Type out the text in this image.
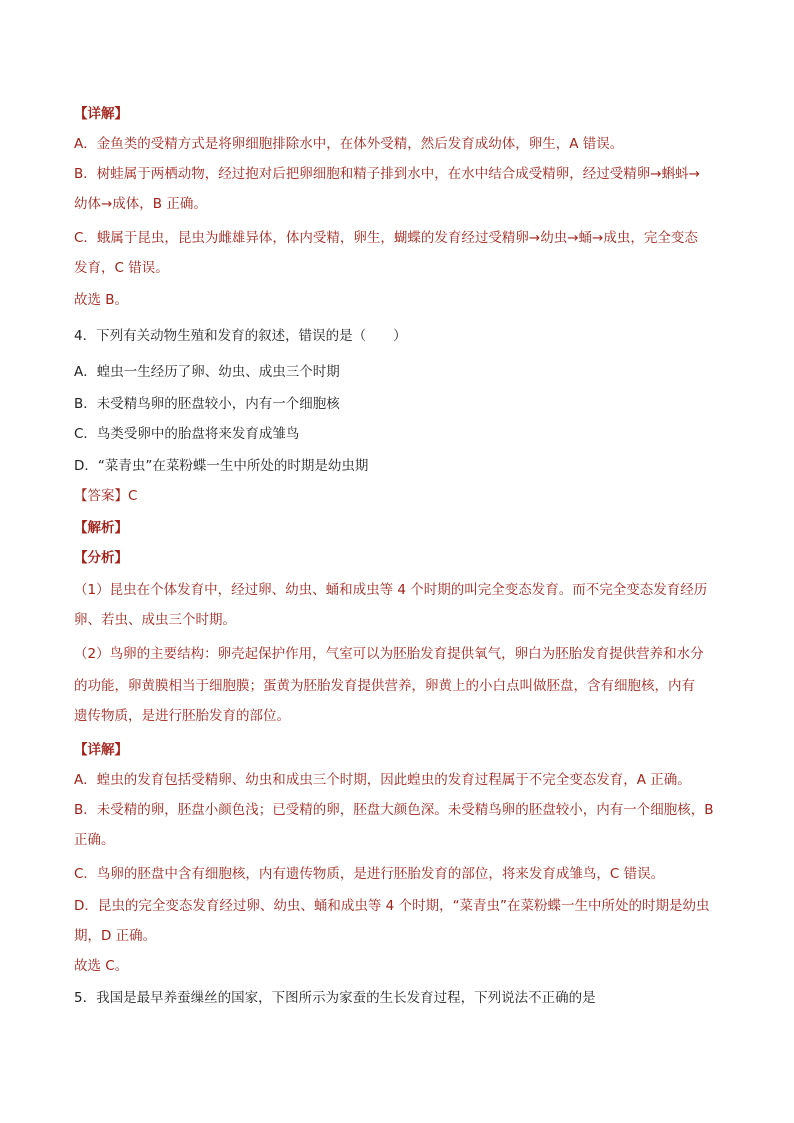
【详解】
A．金鱼类的受精方式是将卵细胞排除水中，在体外受精，然后发育成幼体，卵生，A 错误。
B．树蛙属于两栖动物，经过抱对后把卵细胞和精子排到水中，在水中结合成受精卵，经过受精卵→蝌蚪→
幼体→成体，B 正确。
C．蛾属于昆虫，昆虫为雌雄异体，体内受精，卵生，蝴蝶的发育经过受精卵→幼虫→蛹→成虫，完全变态
发育，C 错误。
故选 B。
4．下列有关动物生殖和发育的叙述，错误的是（　　）
A．蝗虫一生经历了卵、幼虫、成虫三个时期
B．未受精鸟卵的胚盘较小，内有一个细胞核
C．鸟类受卵中的胎盘将来发育成雏鸟
D．“菜青虫”在菜粉蝶一生中所处的时期是幼虫期
【答案】C
【解析】
【分析】
（1）昆虫在个体发育中，经过卵、幼虫、蛹和成虫等 4 个时期的叫完全变态发育。而不完全变态发育经历
卵、若虫、成虫三个时期。
（2）鸟卵的主要结构：卵壳起保护作用，气室可以为胚胎发育提供氧气，卵白为胚胎发育提供营养和水分
的功能，卵黄膜相当于细胞膜；蛋黄为胚胎发育提供营养，卵黄上的小白点叫做胚盘，含有细胞核，内有
遗传物质，是进行胚胎发育的部位。
【详解】
A．蝗虫的发育包括受精卵、幼虫和成虫三个时期，因此蝗虫的发育过程属于不完全变态发育，A 正确。
B．未受精的卵，胚盘小颜色浅；已受精的卵，胚盘大颜色深。未受精鸟卵的胚盘较小，内有一个细胞核，B
正确。
C．鸟卵的胚盘中含有细胞核，内有遗传物质，是进行胚胎发育的部位，将来发育成雏鸟，C 错误。
D．昆虫的完全变态发育经过卵、幼虫、蛹和成虫等 4 个时期，“菜青虫”在菜粉蝶一生中所处的时期是幼虫
期，D 正确。
故选 C。
5．我国是最早养蚕缫丝的国家，下图所示为家蚕的生长发育过程，下列说法不正确的是
